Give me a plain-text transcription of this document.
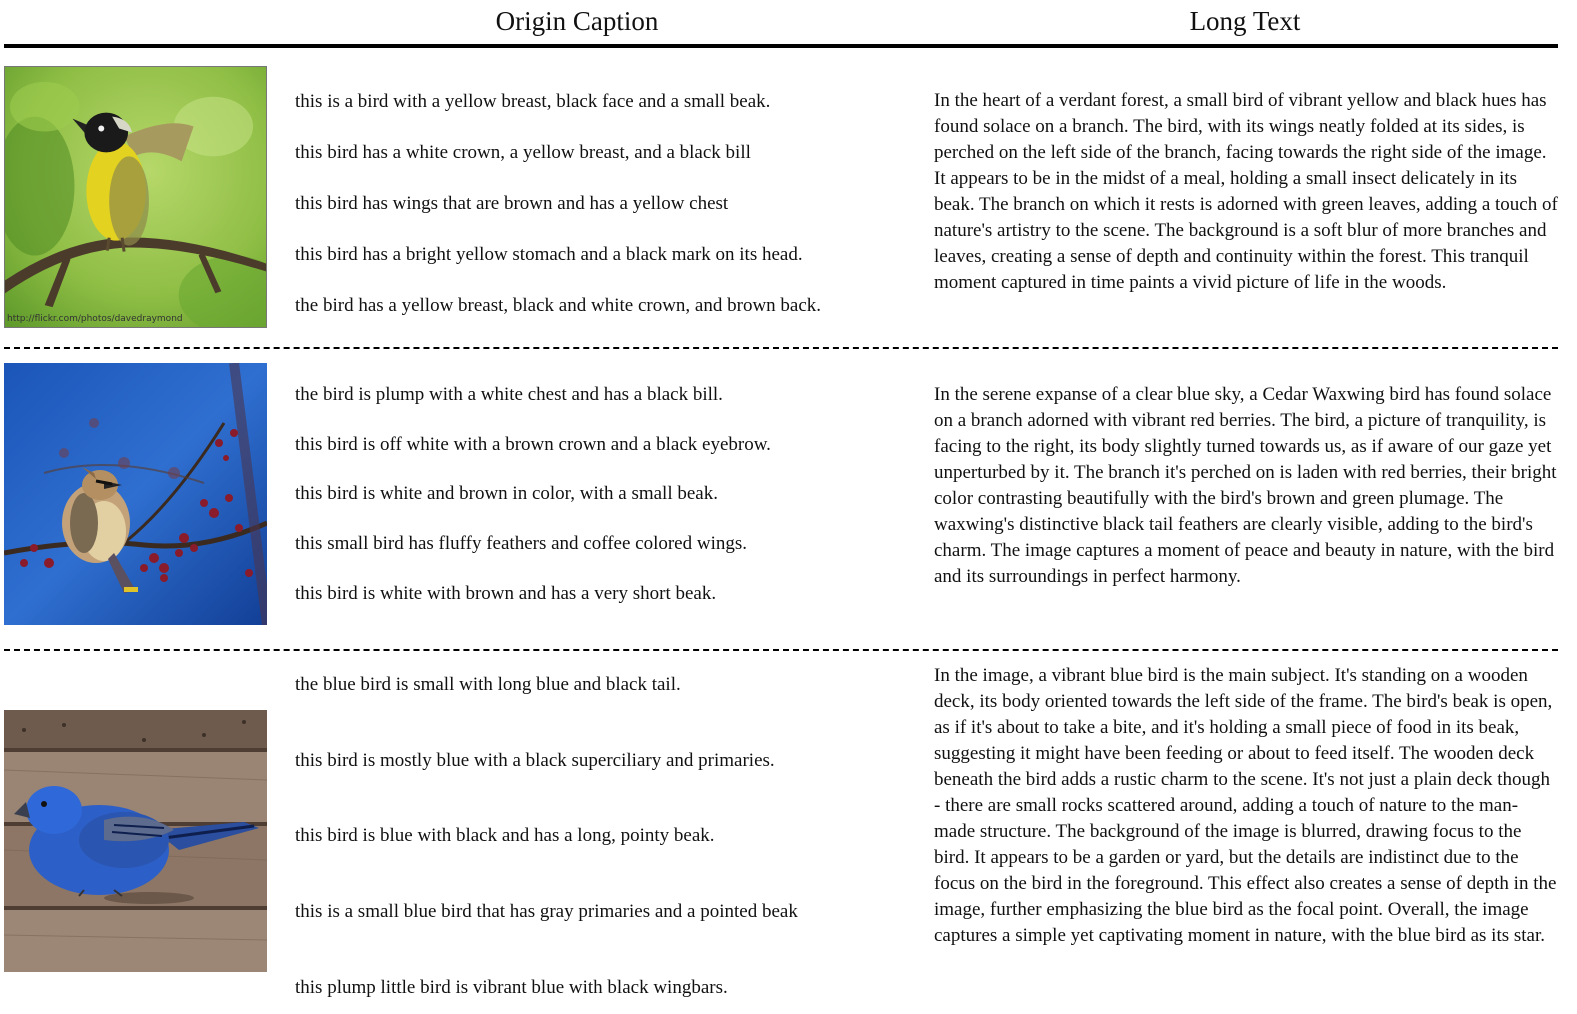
Origin Caption	Long Text
http://flickr.com/photos/davedraymond

this is a bird with a yellow breast, black face and a small beak.

this bird has a white crown, a yellow breast, and a black bill

this bird has wings that are brown and has a yellow chest

this bird has a bright yellow stomach and a black mark on its head.

the bird has a yellow breast, black and white crown, and brown back.

In the heart of a verdant forest, a small bird of vibrant yellow and black hues has found solace on a branch. The bird, with its wings neatly folded at its sides, is perched on the left side of the branch, facing towards the right side of the image. It appears to be in the midst of a meal, holding a small insect delicately in its beak. The branch on which it rests is adorned with green leaves, adding a touch of nature's artistry to the scene. The background is a soft blur of more branches and leaves, creating a sense of depth and continuity within the forest. This tranquil moment captured in time paints a vivid picture of life in the woods.

the bird is plump with a white chest and has a black bill.

this bird is off white with a brown crown and a black eyebrow.

this bird is white and brown in color, with a small beak.

this small bird has fluffy feathers and coffee colored wings.

this bird is white with brown and has a very short beak.

In the serene expanse of a clear blue sky, a Cedar Waxwing bird has found solace on a branch adorned with vibrant red berries. The bird, a picture of tranquility, is facing to the right, its body slightly turned towards us, as if aware of our gaze yet unperturbed by it. The branch it's perched on is laden with red berries, their bright color contrasting beautifully with the bird's brown and green plumage. The waxwing's distinctive black tail feathers are clearly visible, adding to the bird's charm. The image captures a moment of peace and beauty in nature, with the bird and its surroundings in perfect harmony.

the blue bird is small with long blue and black tail.

this bird is mostly blue with a black superciliary and primaries.

this bird is blue with black and has a long, pointy beak.

this is a small blue bird that has gray primaries and a pointed beak

this plump little bird is vibrant blue with black wingbars.

In the image, a vibrant blue bird is the main subject. It's standing on a wooden deck, its body oriented towards the left side of the frame. The bird's beak is open, as if it's about to take a bite, and it's holding a small piece of food in its beak, suggesting it might have been feeding or about to feed itself. The wooden deck beneath the bird adds a rustic charm to the scene. It's not just a plain deck though - there are small rocks scattered around, adding a touch of nature to the man-made structure. The background of the image is blurred, drawing focus to the bird. It appears to be a garden or yard, but the details are indistinct due to the focus on the bird in the foreground. This effect also creates a sense of depth in the image, further emphasizing the blue bird as the focal point. Overall, the image captures a simple yet captivating moment in nature, with the blue bird as its star.
